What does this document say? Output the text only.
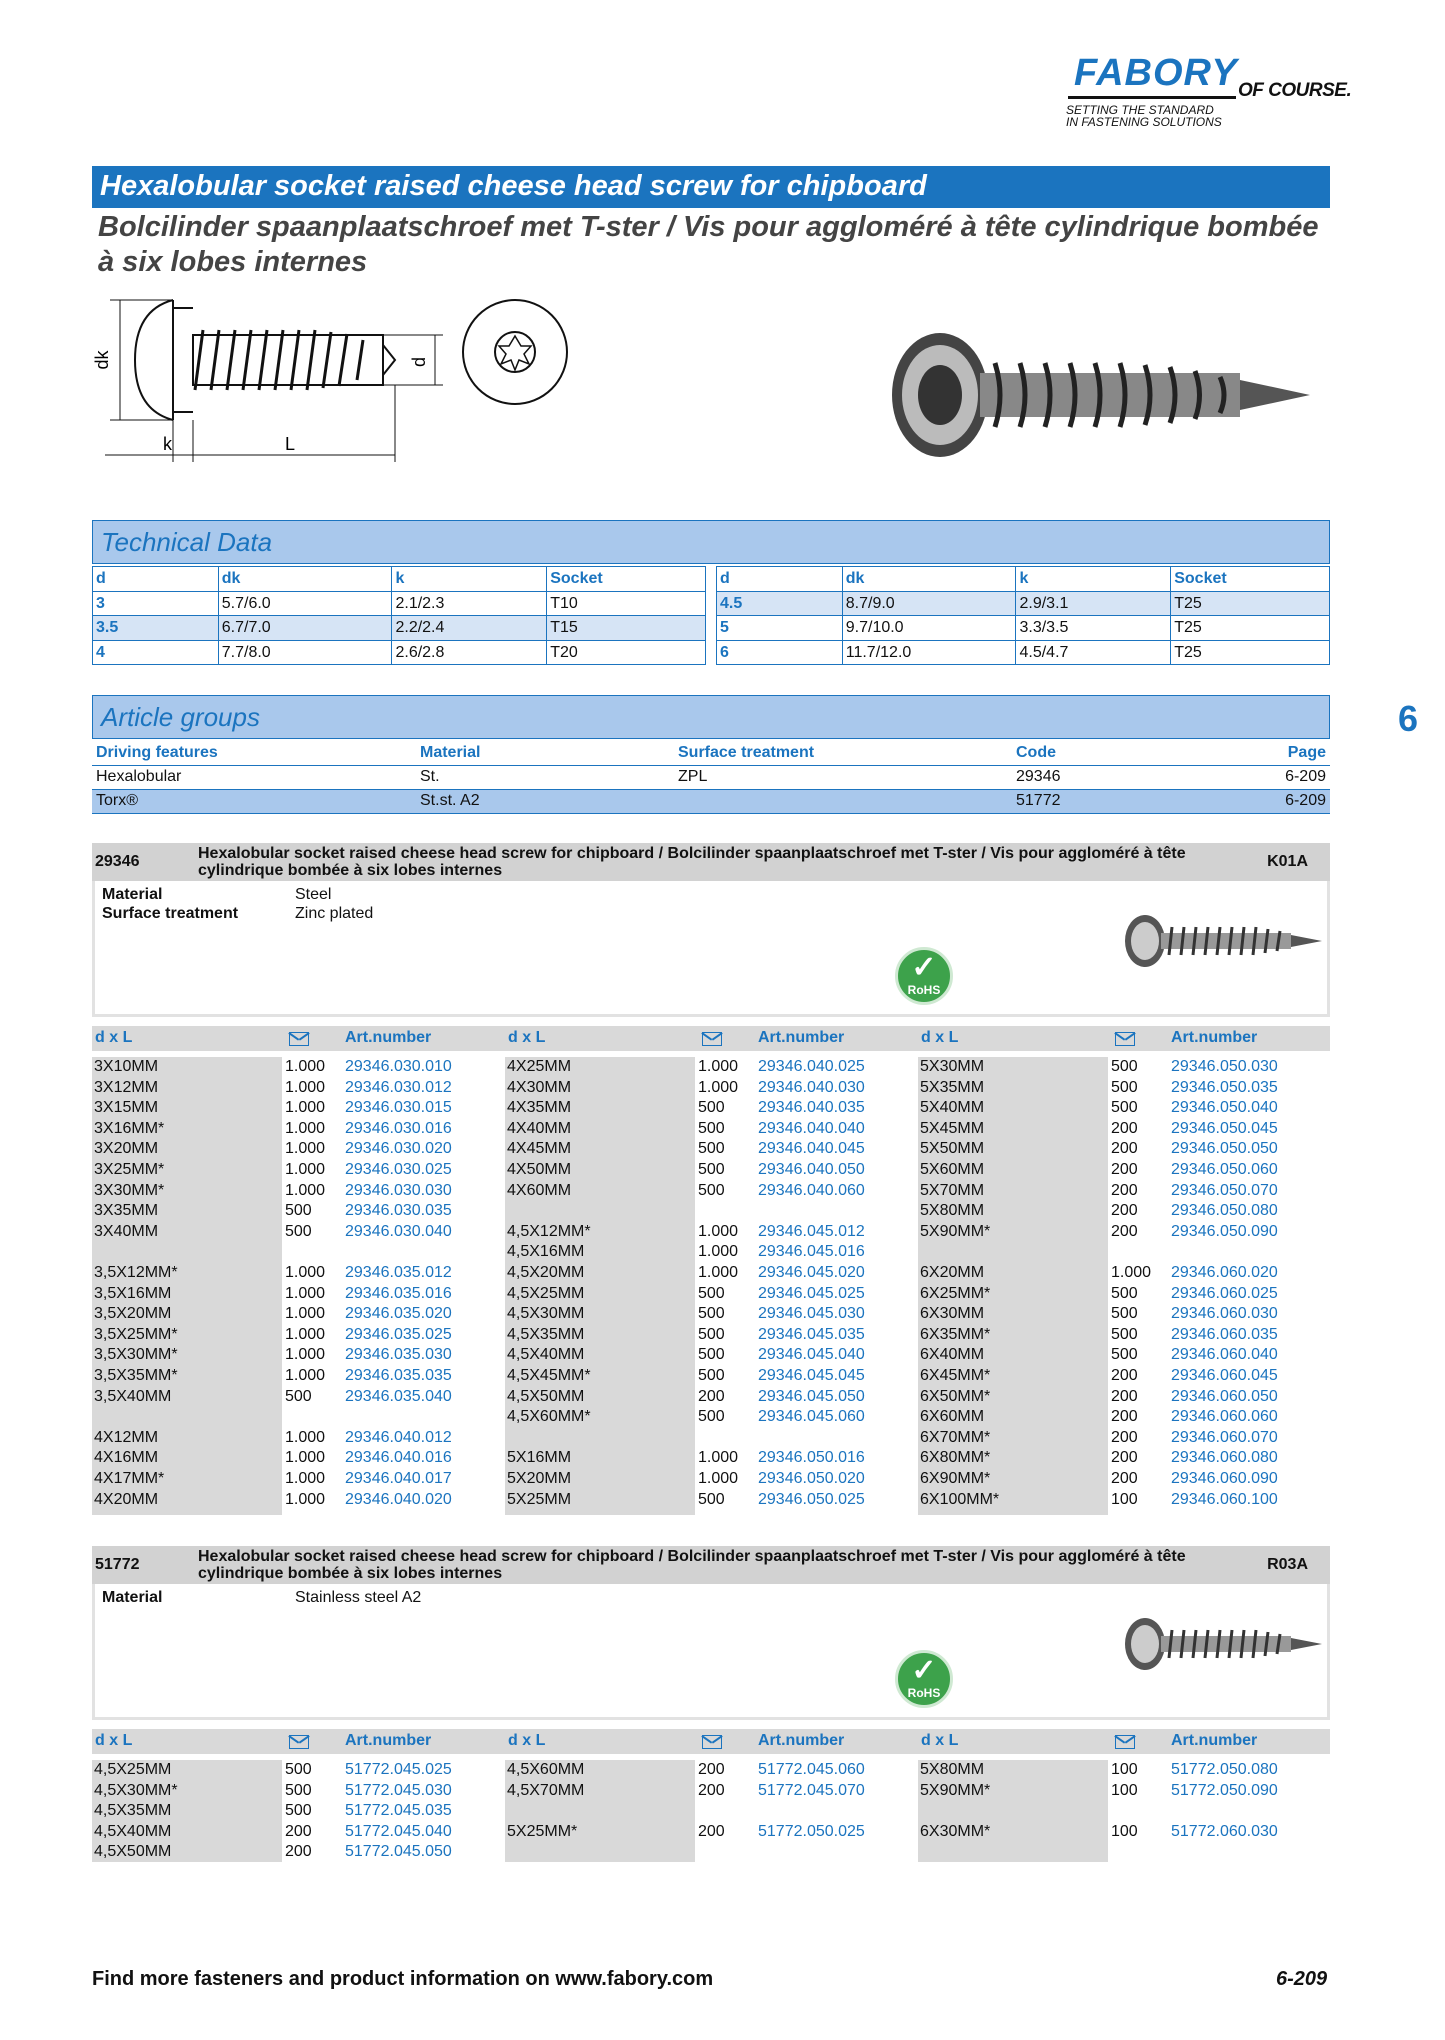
FABORY OF COURSE.
SETTING THE STANDARD
IN FASTENING SOLUTIONS
Hexalobular socket raised cheese head screw for chipboard
Bolcilinder spaanplaatschroef met T-ster / Vis pour aggloméré à tête cylindrique bombée à six lobes internes
6
dk	d
k	L
Technical Data
d	dk	k	Socket
3	5.7/6.0	2.1/2.3	T10
3.5	6.7/7.0	2.2/2.4	T15
4	7.7/8.0	2.6/2.8	T20
d	dk	k	Socket
4.5	8.7/9.0	2.9/3.1	T25
5	9.7/10.0	3.3/3.5	T25
6	11.7/12.0	4.5/4.7	T25
Article groups
Driving features	Material	Surface treatment	Code	Page
Hexalobular	St.	ZPL	29346	6-209
Torx®	St.st. A2		51772	6-209
29346	Hexalobular socket raised cheese head screw for chipboard / Bolcilinder spaanplaatschroef met T-ster / Vis pour aggloméré à tête cylindrique bombée à six lobes internes
K01A
Material	Steel
Surface treatment	Zinc plated
✓
RoHS
d x L	Art.number	d x L	Art.number	d x L	Art.number
3X10MM	1.000 29346.030.010
3X12MM	1.000 29346.030.012
3X15MM	1.000 29346.030.015
3X16MM*	1.000 29346.030.016
3X20MM	1.000 29346.030.020
3X25MM*	1.000 29346.030.025
3X30MM*	1.000 29346.030.030
3X35MM	500 29346.030.035
3X40MM	500 29346.030.040
3,5X12MM*	1.000 29346.035.012
3,5X16MM	1.000 29346.035.016
3,5X20MM	1.000 29346.035.020
3,5X25MM*	1.000 29346.035.025
3,5X30MM*	1.000 29346.035.030
3,5X35MM*	1.000 29346.035.035
3,5X40MM	500 29346.035.040
4X12MM	1.000 29346.040.012
4X16MM	1.000 29346.040.016
4X17MM*	1.000 29346.040.017
4X20MM	1.000 29346.040.020
4X25MM	1.000 29346.040.025
4X30MM	1.000 29346.040.030
4X35MM	500 29346.040.035
4X40MM	500 29346.040.040
4X45MM	500 29346.040.045
4X50MM	500 29346.040.050
4X60MM	500 29346.040.060
4,5X12MM*	1.000 29346.045.012
4,5X16MM	1.000 29346.045.016
4,5X20MM	1.000 29346.045.020
4,5X25MM	500 29346.045.025
4,5X30MM	500 29346.045.030
4,5X35MM	500 29346.045.035
4,5X40MM	500 29346.045.040
4,5X45MM*	500 29346.045.045
4,5X50MM	200 29346.045.050
4,5X60MM*	500 29346.045.060
5X16MM	1.000 29346.050.016
5X20MM	1.000 29346.050.020
5X25MM	500 29346.050.025
5X30MM	500 29346.050.030
5X35MM	500 29346.050.035
5X40MM	500 29346.050.040
5X45MM	200 29346.050.045
5X50MM	200 29346.050.050
5X60MM	200 29346.050.060
5X70MM	200 29346.050.070
5X80MM	200 29346.050.080
5X90MM*	200 29346.050.090
6X20MM	1.000 29346.060.020
6X25MM*	500 29346.060.025
6X30MM	500 29346.060.030
6X35MM*	500 29346.060.035
6X40MM	500 29346.060.040
6X45MM*	200 29346.060.045
6X50MM*	200 29346.060.050
6X60MM	200 29346.060.060
6X70MM*	200 29346.060.070
6X80MM*	200 29346.060.080
6X90MM*	200 29346.060.090
6X100MM*	100 29346.060.100
51772	Hexalobular socket raised cheese head screw for chipboard / Bolcilinder spaanplaatschroef met T-ster / Vis pour aggloméré à tête cylindrique bombée à six lobes internes
R03A
Material	Stainless steel A2
✓
RoHS
d x L	Art.number	d x L	Art.number	d x L	Art.number
4,5X25MM	500 51772.045.025
4,5X30MM*	500 51772.045.030
4,5X35MM	500 51772.045.035
4,5X40MM	200 51772.045.040
4,5X50MM	200 51772.045.050
4,5X60MM	200 51772.045.060
4,5X70MM	200 51772.045.070
5X25MM*	200 51772.050.025
5X80MM	100 51772.050.080
5X90MM*	100 51772.050.090
6X30MM*	100 51772.060.030
Find more fasteners and product information on www.fabory.com	6-209
